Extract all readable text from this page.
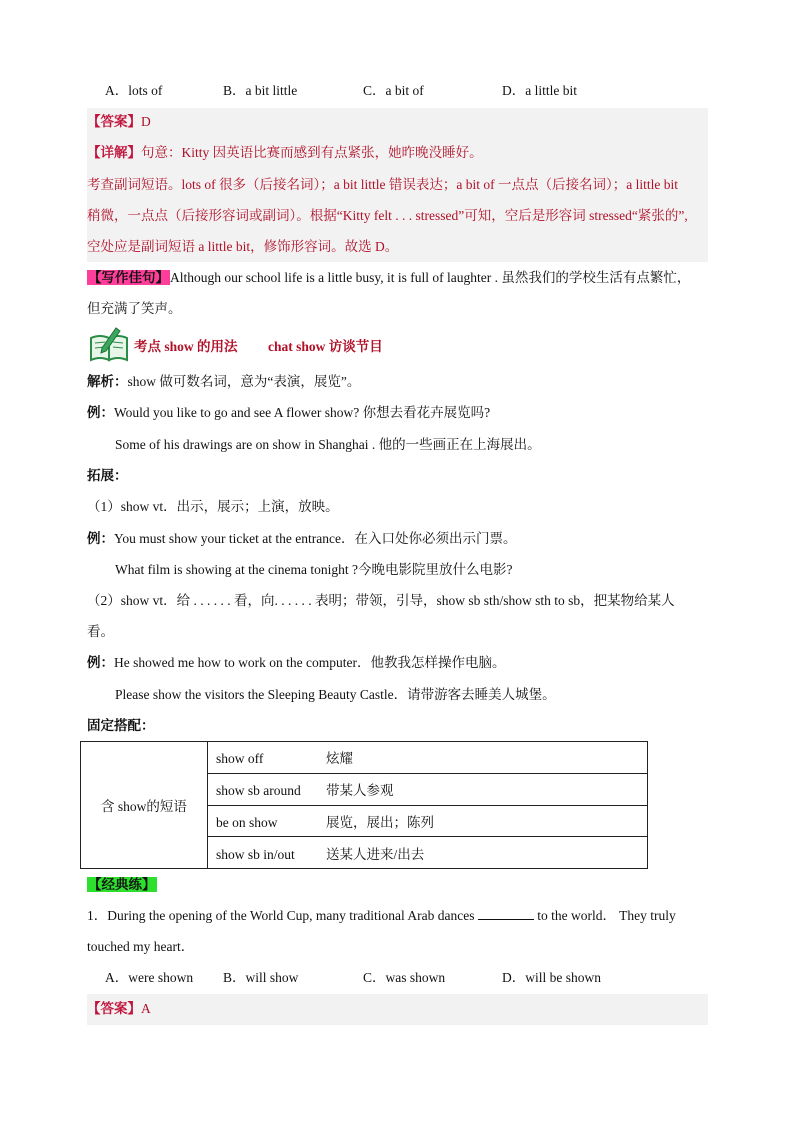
A．lots of	B．a bit little	C．a bit of	D．a little bit
【答案】D
【详解】句意：Kitty 因英语比赛而感到有点紧张，她昨晚没睡好。
考查副词短语。lots of 很多（后接名词）；a bit little 错误表达；a bit of 一点点（后接名词）；a little bit
稍微，一点点（后接形容词或副词）。根据“Kitty felt . . . stressed”可知，空后是形容词 stressed“紧张的”,
空处应是副词短语 a little bit，修饰形容词。故选 D。
【写作佳句】Although our school life is a little busy, it is full of laughter . 虽然我们的学校生活有点繁忙，
但充满了笑声。
考点 show 的用法 chat show 访谈节目
解析：show 做可数名词，意为“表演，展览”。
例：Would you like to go and see A flower show? 你想去看花卉展览吗?
Some of his drawings are on show in Shanghai . 他的一些画正在上海展出。
拓展：
（1）show vt．出示，展示；上演，放映。
例：You must show your ticket at the entrance．在入口处你必须出示门票。
What film is showing at the cinema tonight ?今晚电影院里放什么电影?
（2）show vt．给 . . . . . . 看，向. . . . . . 表明；带领，引导，show sb sth/show sth to sb，把某物给某人
看。
例：He showed me how to work on the computer．他教我怎样操作电脑。
Please show the visitors the Sleeping Beauty Castle．请带游客去睡美人城堡。
固定搭配：
含 show的短语	show off	炫耀
show sb around 带某人参观
be on show	展览，展出；陈列
show sb in/out 送某人进来/出去
【经典练】
1．During the opening of the World Cup, many traditional Arab dances	to the world． They truly
touched my heart．
A．were shown B．will show	C．was shown	D．will be shown
【答案】A
